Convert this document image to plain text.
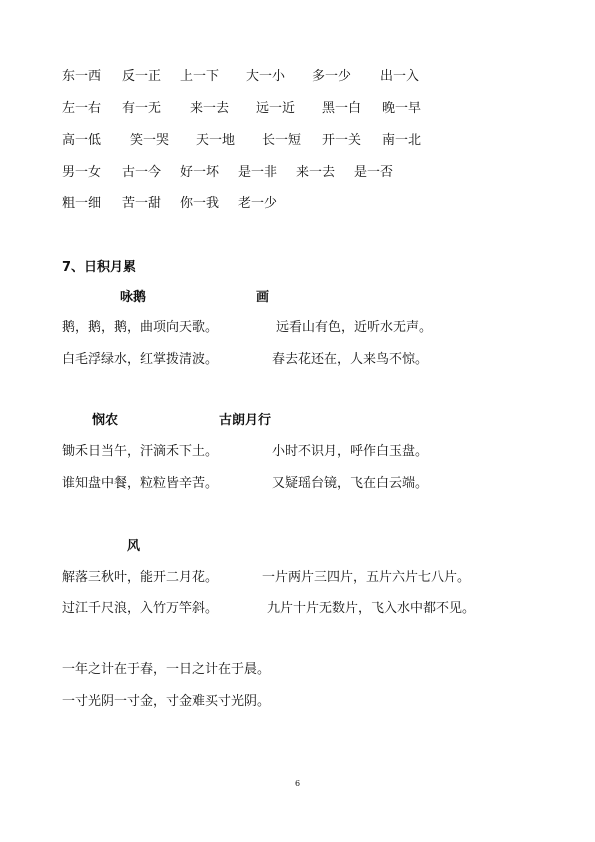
东一西 反一正 上一下 大一小 多一少 出一入
左一右 有一无 来一去 远一近 黑一白 晚一早
高一低 笑一哭 天一地 长一短 开一关 南一北
男一女 古一今 好一坏 是一非 来一去 是一否
粗一细 苦一甜 你一我 老一少
7、日积月累
咏鹅	画
鹅，鹅，鹅，曲项向天歌。	远看山有色，近听水无声。
白毛浮绿水，红掌拨清波。	春去花还在，人来鸟不惊。
悯农	古朗月行
锄禾日当午，汗滴禾下土。	小时不识月，呼作白玉盘。
谁知盘中餐，粒粒皆辛苦。	又疑瑶台镜，飞在白云端。
风
解落三秋叶，能开二月花。	一片两片三四片，五片六片七八片。
过江千尺浪，入竹万竿斜。	九片十片无数片，飞入水中都不见。
一年之计在于春，一日之计在于晨。
一寸光阴一寸金，寸金难买寸光阴。
6
